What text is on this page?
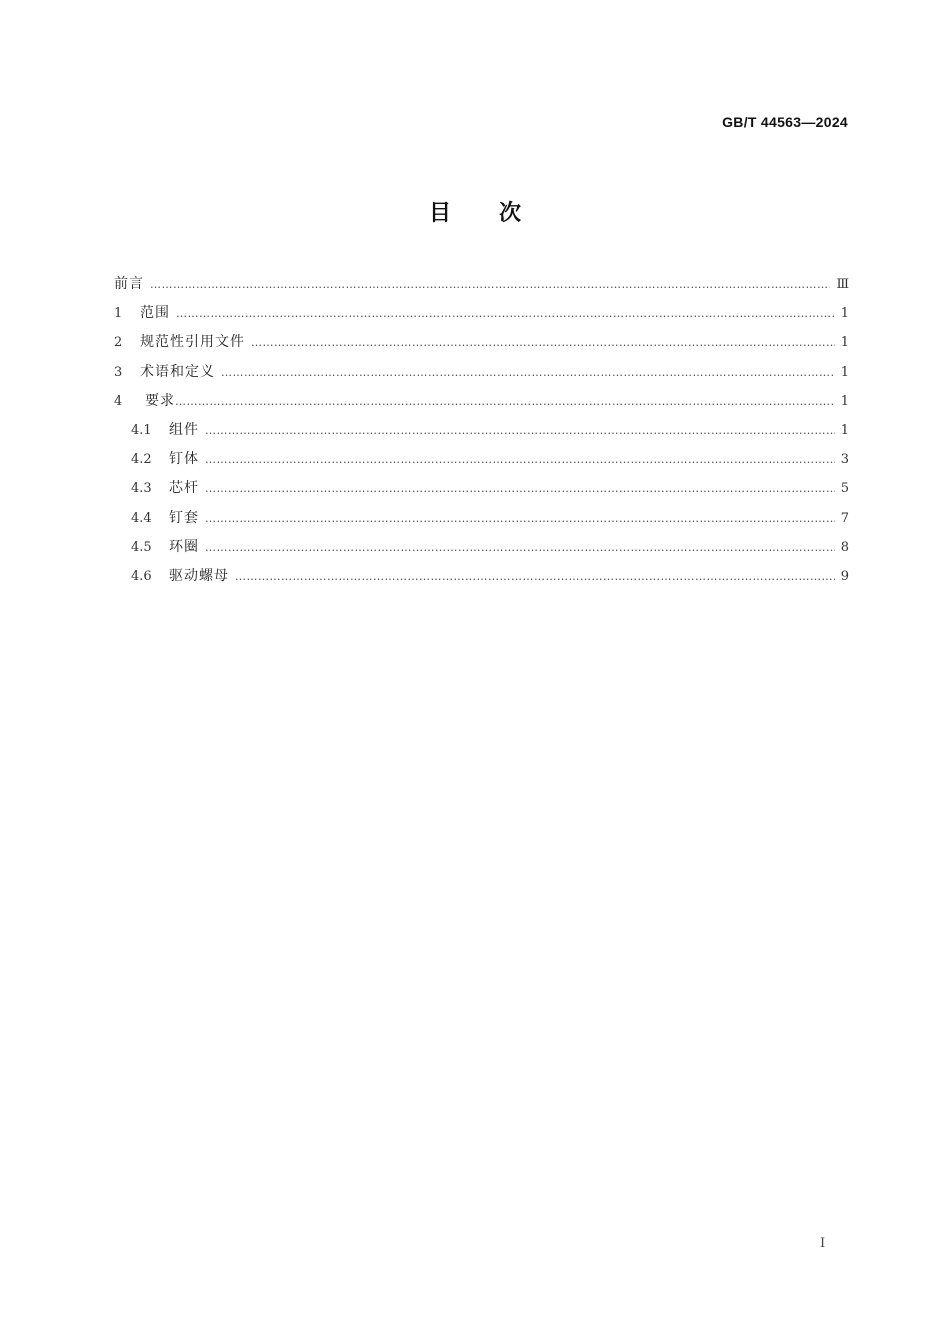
GB/T 44563—2024
目次
前言 ……………………………………………………………………………………………………………………………………………………………………………………………………………………………………………………………………………………	Ⅲ
1	范围 ……………………………………………………………………………………………………………………………………………………………………………………………………………………………………………………………………………………	1
2	规范性引用文件 ……………………………………………………………………………………………………………………………………………………………………………………………………………………………………………………………………………………	1
3	术语和定义 ……………………………………………………………………………………………………………………………………………………………………………………………………………………………………………………………………………………	1
4	要求 ……………………………………………………………………………………………………………………………………………………………………………………………………………………………………………………………………………………	1
4.1	组件 ……………………………………………………………………………………………………………………………………………………………………………………………………………………………………………………………………………………	1
4.2	钉体 ……………………………………………………………………………………………………………………………………………………………………………………………………………………………………………………………………………………	3
4.3	芯杆 ……………………………………………………………………………………………………………………………………………………………………………………………………………………………………………………………………………………	5
4.4	钉套 ……………………………………………………………………………………………………………………………………………………………………………………………………………………………………………………………………………………	7
4.5	环圈 ……………………………………………………………………………………………………………………………………………………………………………………………………………………………………………………………………………………	8
4.6	驱动螺母 ……………………………………………………………………………………………………………………………………………………………………………………………………………………………………………………………………………………	9
I
